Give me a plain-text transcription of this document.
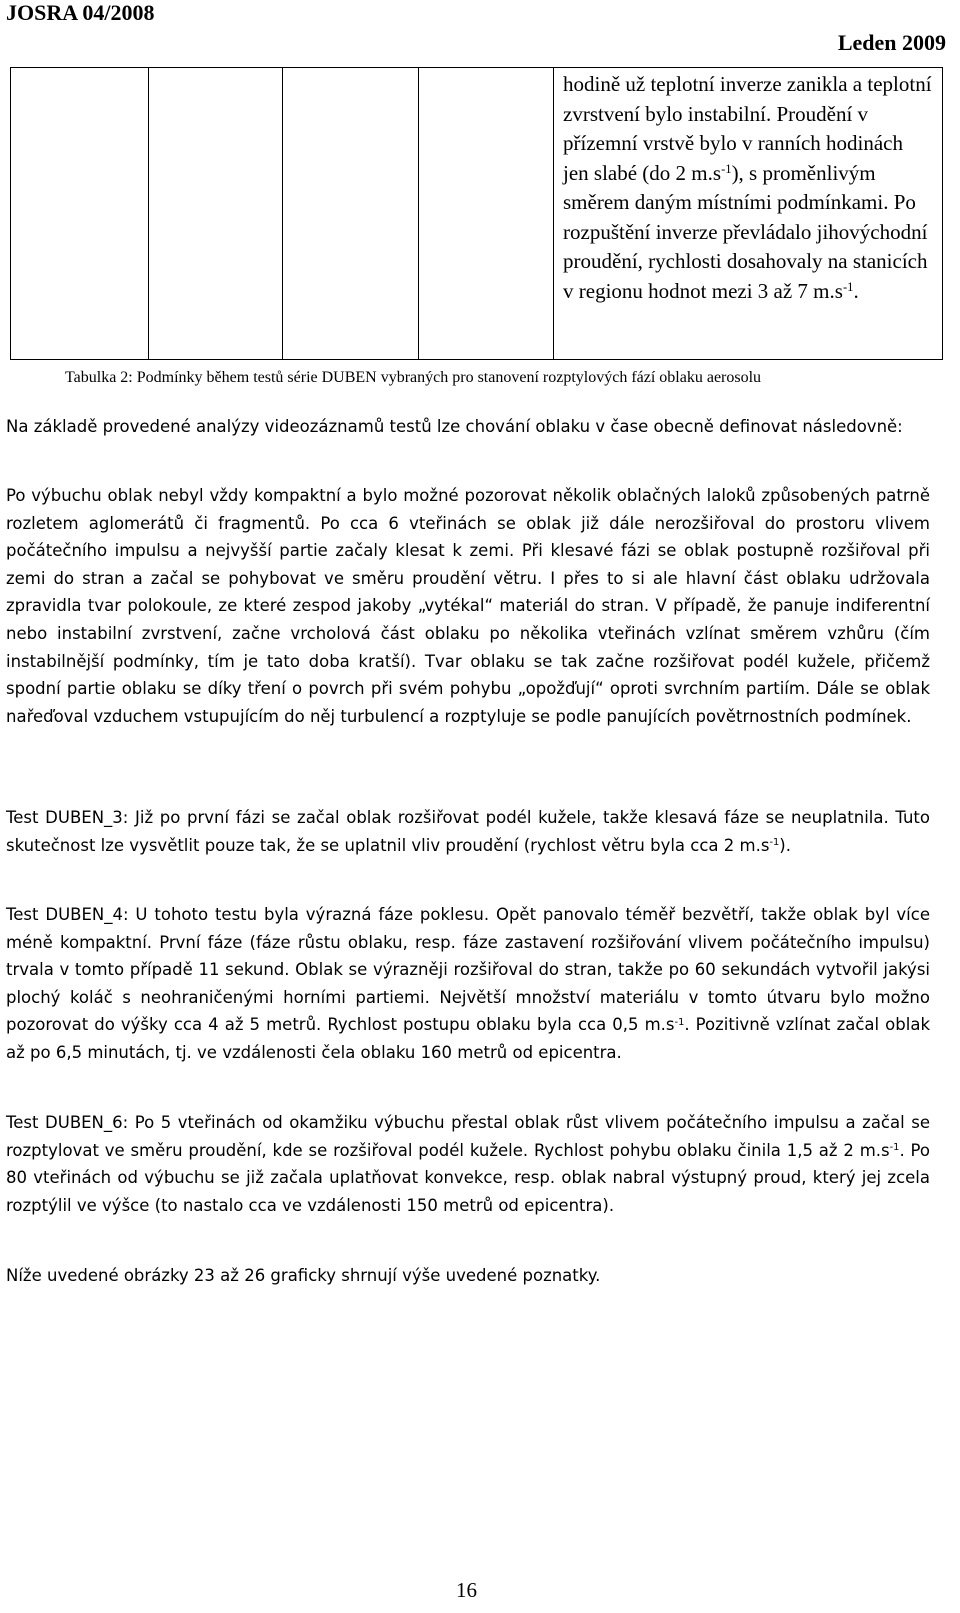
JOSRA 04/2008
Leden 2009
hodině už teplotní inverze zanikla a teplotní zvrstvení bylo instabilní. Proudění v přízemní vrstvě bylo v ranních hodinách jen slabé (do 2 $m.s^{-1}$), s proměnlivým směrem daným místními podmínkami. Po rozpuštění inverze převládalo jihovýchodní proudění, rychlosti dosahovaly na stanicích v regionu hodnot mezi 3 až 7 $m.s^{-1}$.
Tabulka 2: Podmínky během testů série DUBEN vybraných pro stanovení rozptylových fází oblaku aerosolu

Na základě provedené analýzy videozáznamů testů lze chování oblaku v čase obecně definovat následovně:

Po výbuchu oblak nebyl vždy kompaktní a bylo možné pozorovat několik oblačných laloků způsobených patrně rozletem aglomerátů či fragmentů. Po cca 6 vteřinách se oblak již dále nerozšiřoval do prostoru vlivem počátečního impulsu a nejvyšší partie začaly klesat k zemi. Při klesavé fázi se oblak postupně rozšiřoval při zemi do stran a začal se pohybovat ve směru proudění větru. I přes to si ale hlavní část oblaku udržovala zpravidla tvar polokoule, ze které zespod jakoby „vytékal“ materiál do stran. V případě, že panuje indiferentní nebo instabilní zvrstvení, začne vrcholová část oblaku po několika vteřinách vzlínat směrem vzhůru (čím instabilnější podmínky, tím je tato doba kratší). Tvar oblaku se tak začne rozšiřovat podél kužele, přičemž spodní partie oblaku se díky tření o povrch při svém pohybu „opožďují“ oproti svrchním partiím. Dále se oblak nařeďoval vzduchem vstupujícím do něj turbulencí a rozptyluje se podle panujících povětrnostních podmínek.

Test DUBEN_3: Již po první fázi se začal oblak rozšiřovat podél kužele, takže klesavá fáze se neuplatnila. Tuto skutečnost lze vysvětlit pouze tak, že se uplatnil vliv proudění (rychlost větru byla cca 2 $m.s^{-1}$).

Test DUBEN_4: U tohoto testu byla výrazná fáze poklesu. Opět panovalo téměř bezvětří, takže oblak byl více méně kompaktní. První fáze (fáze růstu oblaku, resp. fáze zastavení rozšiřování vlivem počátečního impulsu) trvala v tomto případě 11 sekund. Oblak se výrazněji rozšiřoval do stran, takže po 60 sekundách vytvořil jakýsi plochý koláč s neohraničenými horními partiemi. Největší množství materiálu v tomto útvaru bylo možno pozorovat do výšky cca 4 až 5 metrů. Rychlost postupu oblaku byla cca 0,5 $m.s^{-1}$. Pozitivně vzlínat začal oblak až po 6,5 minutách, tj. ve vzdálenosti čela oblaku 160 metrů od epicentra.

Test DUBEN_6: Po 5 vteřinách od okamžiku výbuchu přestal oblak růst vlivem počátečního impulsu a začal se rozptylovat ve směru proudění, kde se rozšiřoval podél kužele. Rychlost pohybu oblaku činila 1,5 až 2 $m.s^{-1}$. Po 80 vteřinách od výbuchu se již začala uplatňovat konvekce, resp. oblak nabral výstupný proud, který jej zcela rozptýlil ve výšce (to nastalo cca ve vzdálenosti 150 metrů od epicentra).

Níže uvedené obrázky 23 až 26 graficky shrnují výše uvedené poznatky.

16
